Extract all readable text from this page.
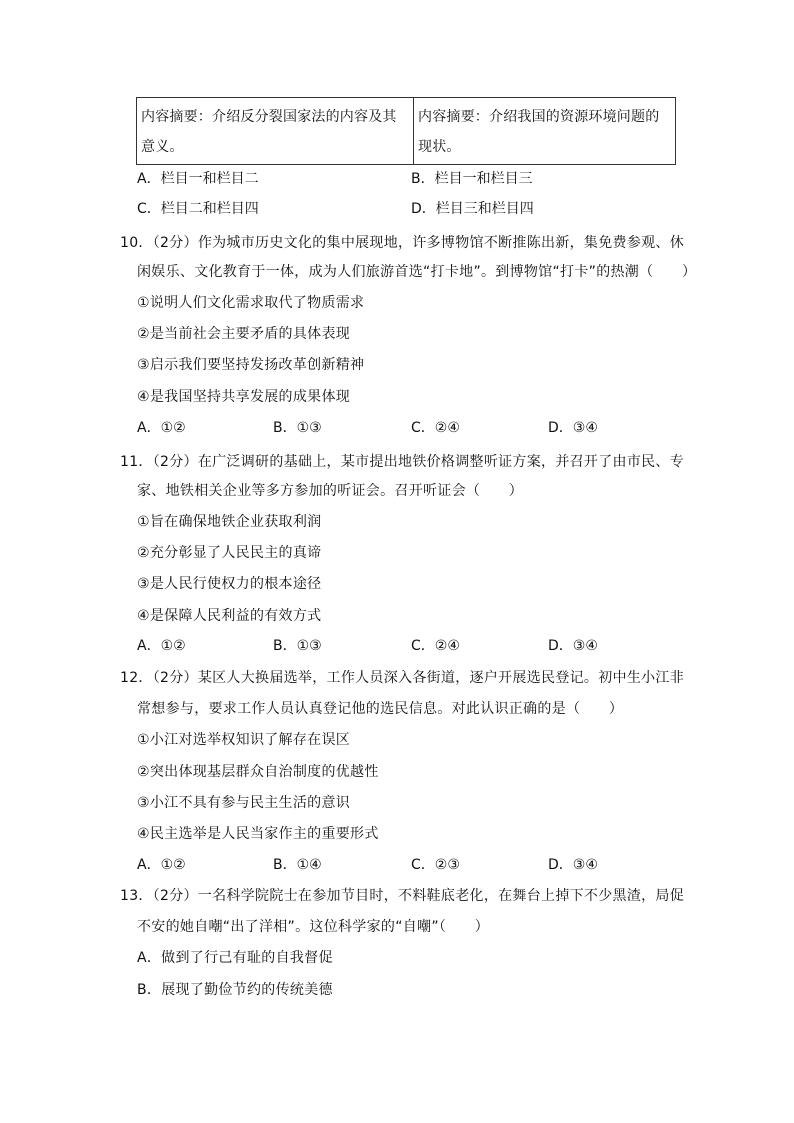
内容摘要：介绍反分裂国家法的内容及其意义。	内容摘要：介绍我国的资源环境问题的现状。
A．栏目一和栏目二	B．栏目一和栏目三
C．栏目二和栏目四	D．栏目三和栏目四
10．（2分）作为城市历史文化的集中展现地，许多博物馆不断推陈出新，集免费参观、休
闲娱乐、文化教育于一体，成为人们旅游首选“打卡地”。到博物馆“打卡”的热潮（　　）
①说明人们文化需求取代了物质需求
②是当前社会主要矛盾的具体表现
③启示我们要坚持发扬改革创新精神
④是我国坚持共享发展的成果体现
A．①②	B．①③	C．②④	D．③④
11．（2分）在广泛调研的基础上，某市提出地铁价格调整听证方案，并召开了由市民、专
家、地铁相关企业等多方参加的听证会。召开听证会（　　）
①旨在确保地铁企业获取利润
②充分彰显了人民民主的真谛
③是人民行使权力的根本途径
④是保障人民利益的有效方式
A．①②	B．①③	C．②④	D．③④
12．（2分）某区人大换届选举，工作人员深入各街道，逐户开展选民登记。初中生小江非
常想参与，要求工作人员认真登记他的选民信息。对此认识正确的是（　　）
①小江对选举权知识了解存在误区
②突出体现基层群众自治制度的优越性
③小江不具有参与民主生活的意识
④民主选举是人民当家作主的重要形式
A．①②	B．①④	C．②③	D．③④
13．（2分）一名科学院院士在参加节目时，不料鞋底老化，在舞台上掉下不少黑渣，局促
不安的她自嘲“出了洋相”。这位科学家的“自嘲”（　　）
A．做到了行己有耻的自我督促
B．展现了勤俭节约的传统美德
